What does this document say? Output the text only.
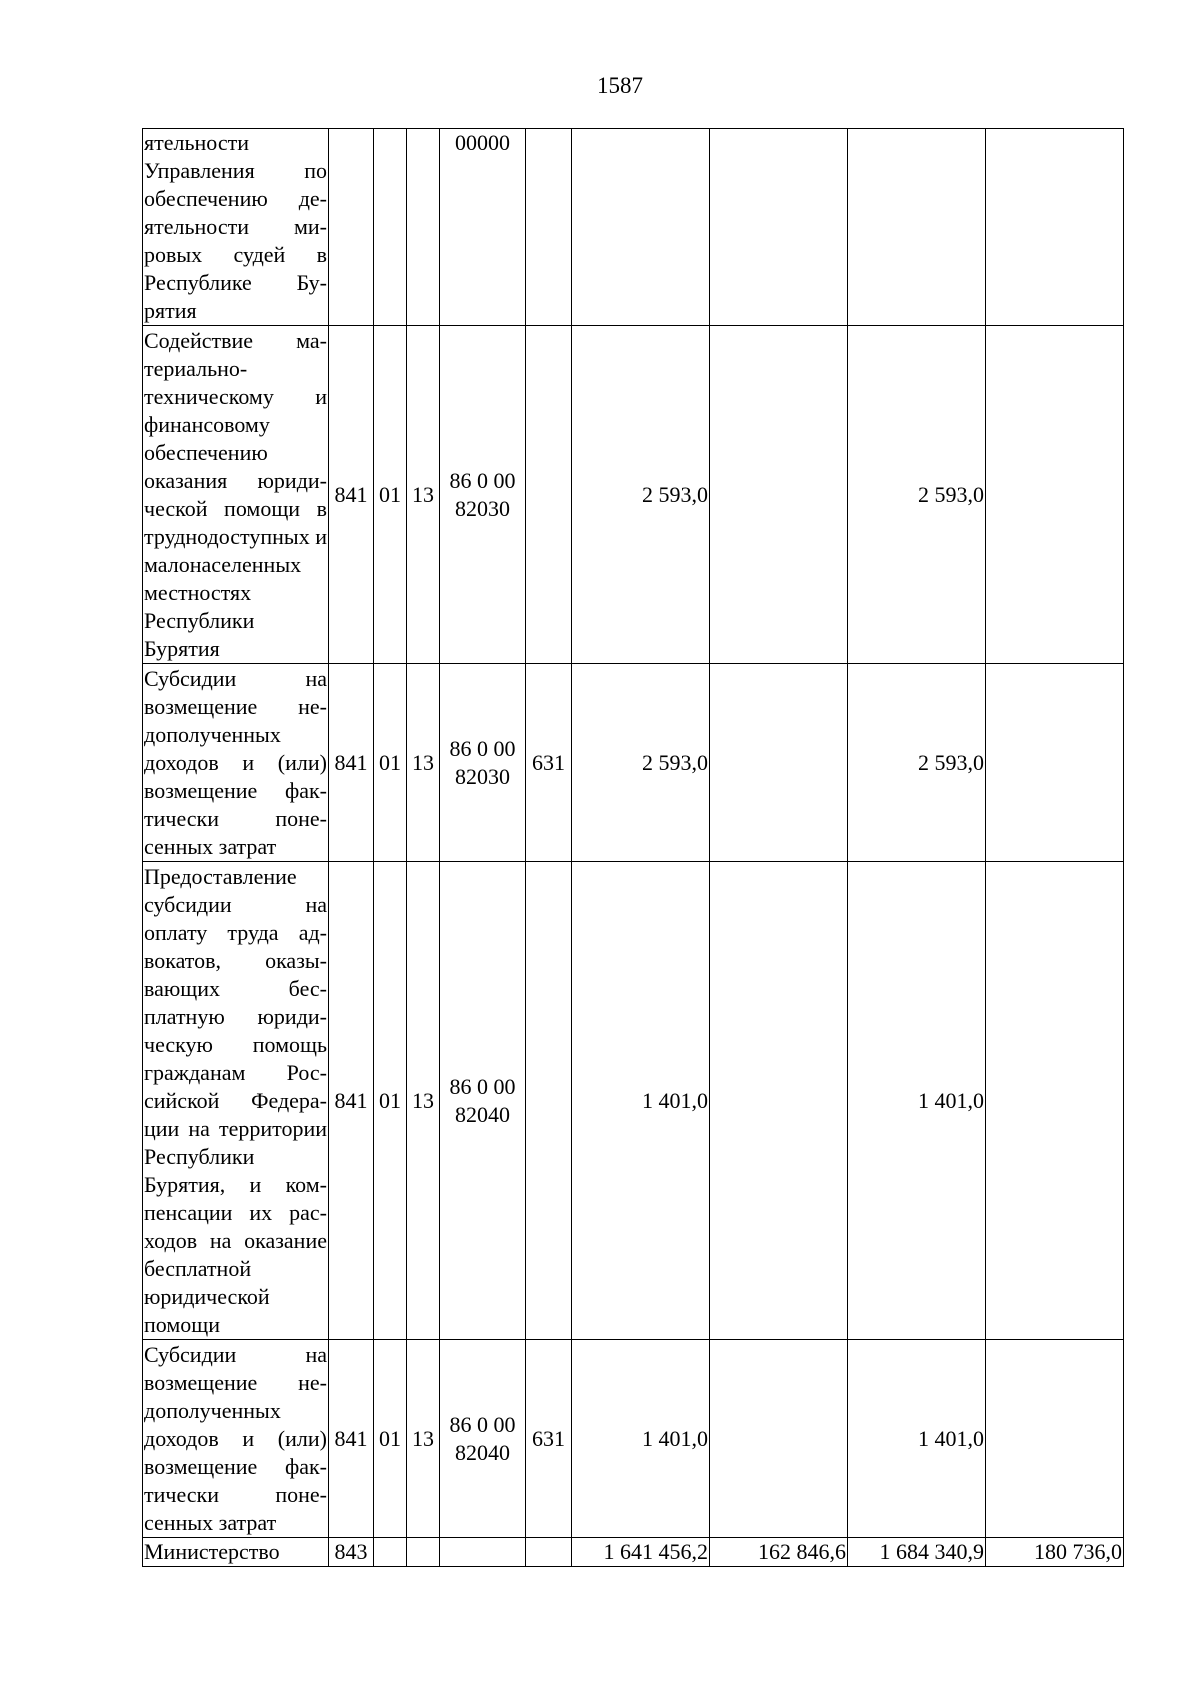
1587
ятельности Управления по обеспечению деятельности мировых судей в Республике Бурятия				00000					
Содействие материально-техническому и финансовому обеспечению оказания юридической помощи в труднодоступных и малонаселенных местностях Республики Бурятия	841	01	13	86 0 00 82030		2 593,0		2 593,0	
Субсидии на возмещение недополученных доходов и (или) возмещение фактически понесенных затрат	841	01	13	86 0 00 82030	631	2 593,0		2 593,0	
Предоставление субсидии на оплату труда адвокатов, оказывающих бесплатную юридическую помощь гражданам Российской Федерации на территории Республики Бурятия, и компенсации их расходов на оказание бесплатной юридической помощи	841	01	13	86 0 00 82040		1 401,0		1 401,0	
Субсидии на возмещение недополученных доходов и (или) возмещение фактически понесенных затрат	841	01	13	86 0 00 82040	631	1 401,0		1 401,0	
Министерство	843					1 641 456,2	162 846,6	1 684 340,9	180 736,0
